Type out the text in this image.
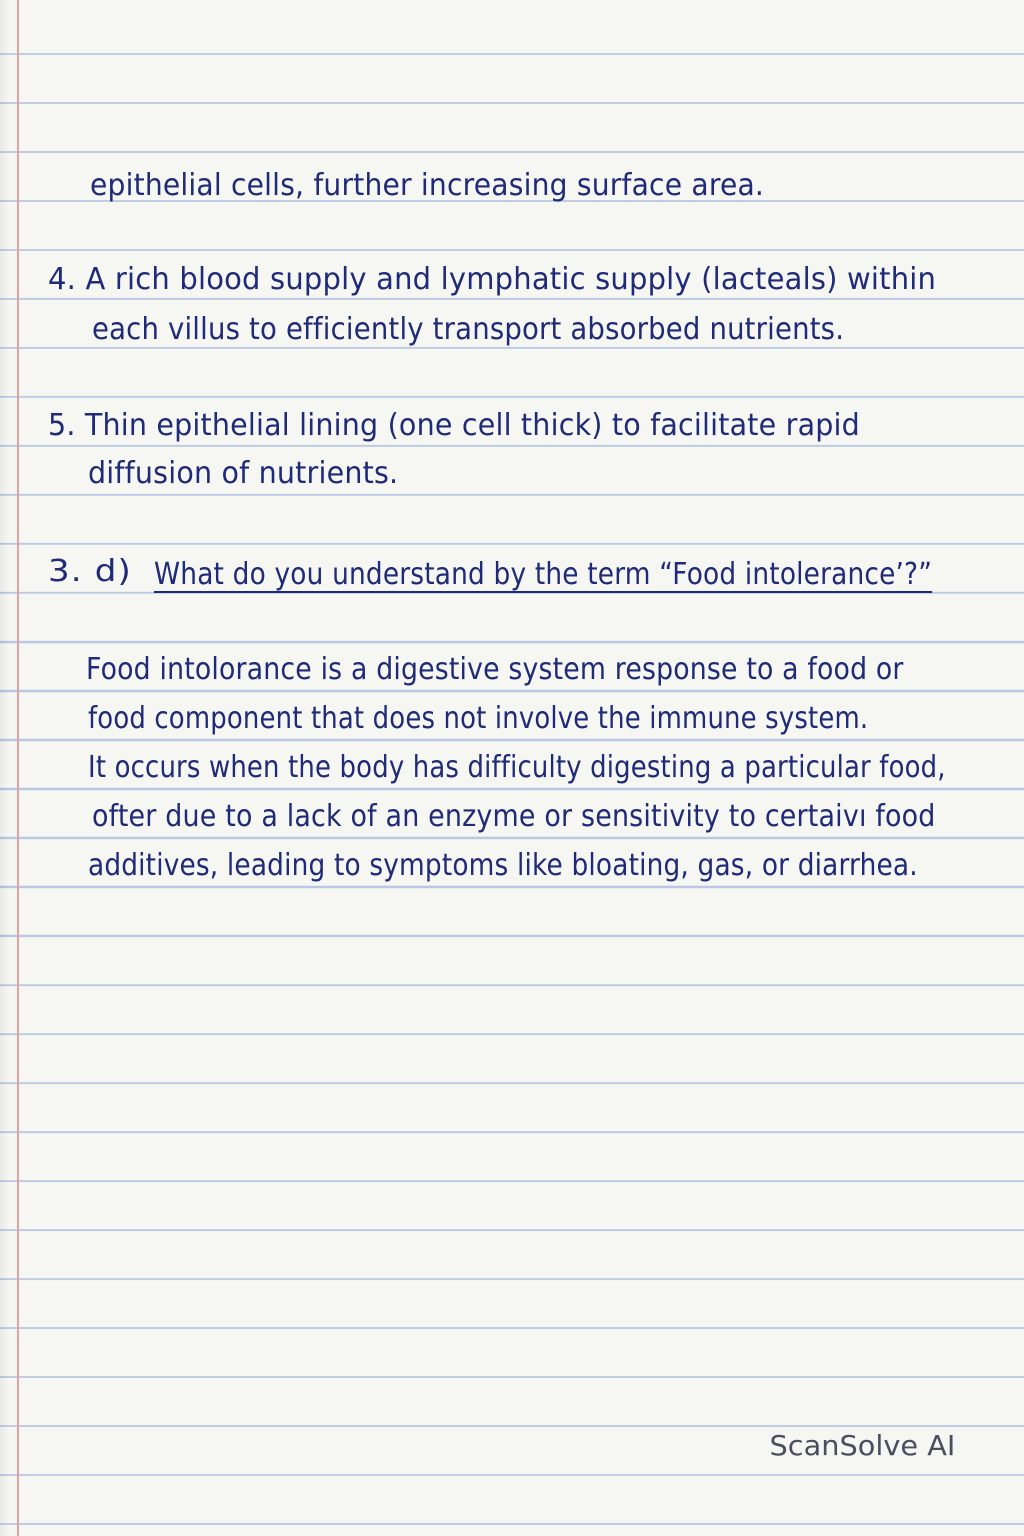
epithelial cells, further increasing surface area.
4. A rich blood supply and lymphatic supply (lacteals) within
each villus to efficiently transport absorbed nutrients.
5. Thin epithelial lining (one cell thick) to facilitate rapid
diffusion of nutrients.
3. d) What do you understand by the term “Food intolerance’?”
Food intolorance is a digestive system response to a food or
food component that does not involve the immune system.
It occurs when the body has difficulty digesting a particular food,
ofter due to a lack of an enzyme or sensitivity to certaivı food
additives, leading to symptoms like bloating, gas, or diarrhea.
ScanSolve AI
